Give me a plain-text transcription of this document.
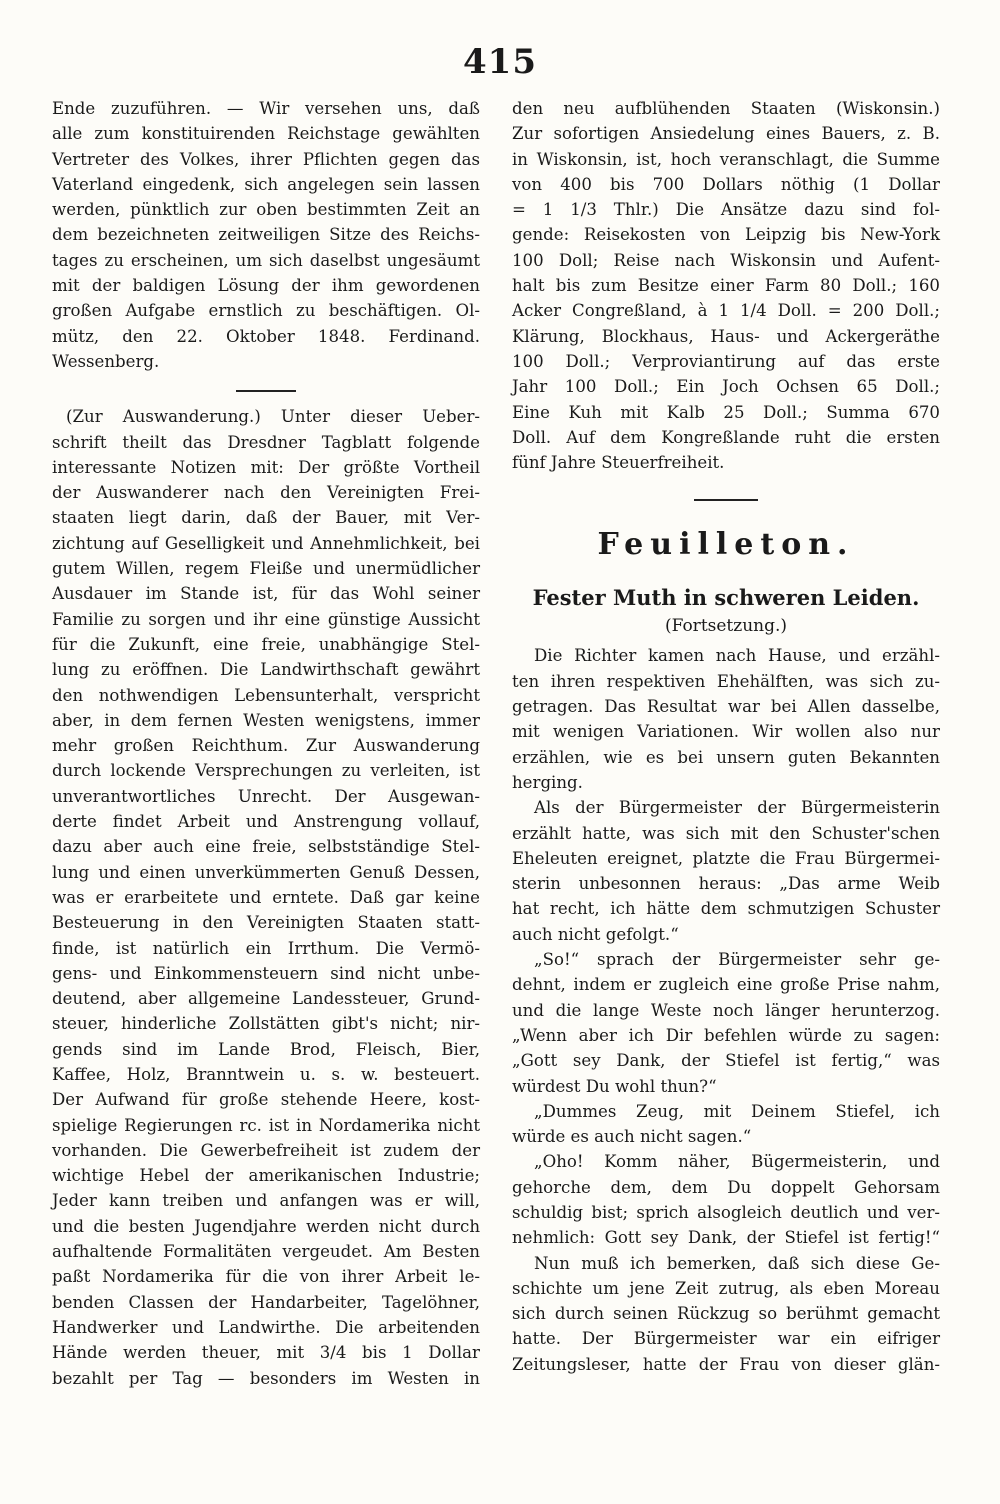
415
Ende zuzuführen. — Wir versehen uns, daß
alle zum konstituirenden Reichstage gewählten
Vertreter des Volkes, ihrer Pflichten gegen das
Vaterland eingedenk, sich angelegen sein lassen
werden, pünktlich zur oben bestimmten Zeit an
dem bezeichneten zeitweiligen Sitze des Reichs-
tages zu erscheinen, um sich daselbst ungesäumt
mit der baldigen Lösung der ihm gewordenen
großen Aufgabe ernstlich zu beschäftigen. Ol-
mütz, den 22. Oktober 1848. Ferdinand.
Wessenberg.
(Zur Auswanderung.) Unter dieser Ueber-
schrift theilt das Dresdner Tagblatt folgende
interessante Notizen mit: Der größte Vortheil
der Auswanderer nach den Vereinigten Frei-
staaten liegt darin, daß der Bauer, mit Ver-
zichtung auf Geselligkeit und Annehmlichkeit, bei
gutem Willen, regem Fleiße und unermüdlicher
Ausdauer im Stande ist, für das Wohl seiner
Familie zu sorgen und ihr eine günstige Aussicht
für die Zukunft, eine freie, unabhängige Stel-
lung zu eröffnen. Die Landwirthschaft gewährt
den nothwendigen Lebensunterhalt, verspricht
aber, in dem fernen Westen wenigstens, immer
mehr großen Reichthum. Zur Auswanderung
durch lockende Versprechungen zu verleiten, ist
unverantwortliches Unrecht. Der Ausgewan-
derte findet Arbeit und Anstrengung vollauf,
dazu aber auch eine freie, selbstständige Stel-
lung und einen unverkümmerten Genuß Dessen,
was er erarbeitete und erntete. Daß gar keine
Besteuerung in den Vereinigten Staaten statt-
finde, ist natürlich ein Irrthum. Die Vermö-
gens- und Einkommensteuern sind nicht unbe-
deutend, aber allgemeine Landessteuer, Grund-
steuer, hinderliche Zollstätten gibt's nicht; nir-
gends sind im Lande Brod, Fleisch, Bier,
Kaffee, Holz, Branntwein u. s. w. besteuert.
Der Aufwand für große stehende Heere, kost-
spielige Regierungen rc. ist in Nordamerika nicht
vorhanden. Die Gewerbefreiheit ist zudem der
wichtige Hebel der amerikanischen Industrie;
Jeder kann treiben und anfangen was er will,
und die besten Jugendjahre werden nicht durch
aufhaltende Formalitäten vergeudet. Am Besten
paßt Nordamerika für die von ihrer Arbeit le-
benden Classen der Handarbeiter, Tagelöhner,
Handwerker und Landwirthe. Die arbeitenden
Hände werden theuer, mit 3/4 bis 1 Dollar
bezahlt per Tag — besonders im Westen in
den neu aufblühenden Staaten (Wiskonsin.)
Zur sofortigen Ansiedelung eines Bauers, z. B.
in Wiskonsin, ist, hoch veranschlagt, die Summe
von 400 bis 700 Dollars nöthig (1 Dollar
= 1 1/3 Thlr.) Die Ansätze dazu sind fol-
gende: Reisekosten von Leipzig bis New-York
100 Doll; Reise nach Wiskonsin und Aufent-
halt bis zum Besitze einer Farm 80 Doll.; 160
Acker Congreßland, à 1 1/4 Doll. = 200 Doll.;
Klärung, Blockhaus, Haus- und Ackergeräthe
100 Doll.; Verproviantirung auf das erste
Jahr 100 Doll.; Ein Joch Ochsen 65 Doll.;
Eine Kuh mit Kalb 25 Doll.; Summa 670
Doll. Auf dem Kongreßlande ruht die ersten
fünf Jahre Steuerfreiheit.
Feuilleton.
Fester Muth in schweren Leiden.
(Fortsetzung.)
Die Richter kamen nach Hause, und erzähl-
ten ihren respektiven Ehehälften, was sich zu-
getragen. Das Resultat war bei Allen dasselbe,
mit wenigen Variationen. Wir wollen also nur
erzählen, wie es bei unsern guten Bekannten
herging.
Als der Bürgermeister der Bürgermeisterin
erzählt hatte, was sich mit den Schuster'schen
Eheleuten ereignet, platzte die Frau Bürgermei-
sterin unbesonnen heraus: „Das arme Weib
hat recht, ich hätte dem schmutzigen Schuster
auch nicht gefolgt.“
„So!“ sprach der Bürgermeister sehr ge-
dehnt, indem er zugleich eine große Prise nahm,
und die lange Weste noch länger herunterzog.
„Wenn aber ich Dir befehlen würde zu sagen:
„Gott sey Dank, der Stiefel ist fertig,“ was
würdest Du wohl thun?“
„Dummes Zeug, mit Deinem Stiefel, ich
würde es auch nicht sagen.“
„Oho! Komm näher, Bügermeisterin, und
gehorche dem, dem Du doppelt Gehorsam
schuldig bist; sprich alsogleich deutlich und ver-
nehmlich: Gott sey Dank, der Stiefel ist fertig!“
Nun muß ich bemerken, daß sich diese Ge-
schichte um jene Zeit zutrug, als eben Moreau
sich durch seinen Rückzug so berühmt gemacht
hatte. Der Bürgermeister war ein eifriger
Zeitungsleser, hatte der Frau von dieser glän-
